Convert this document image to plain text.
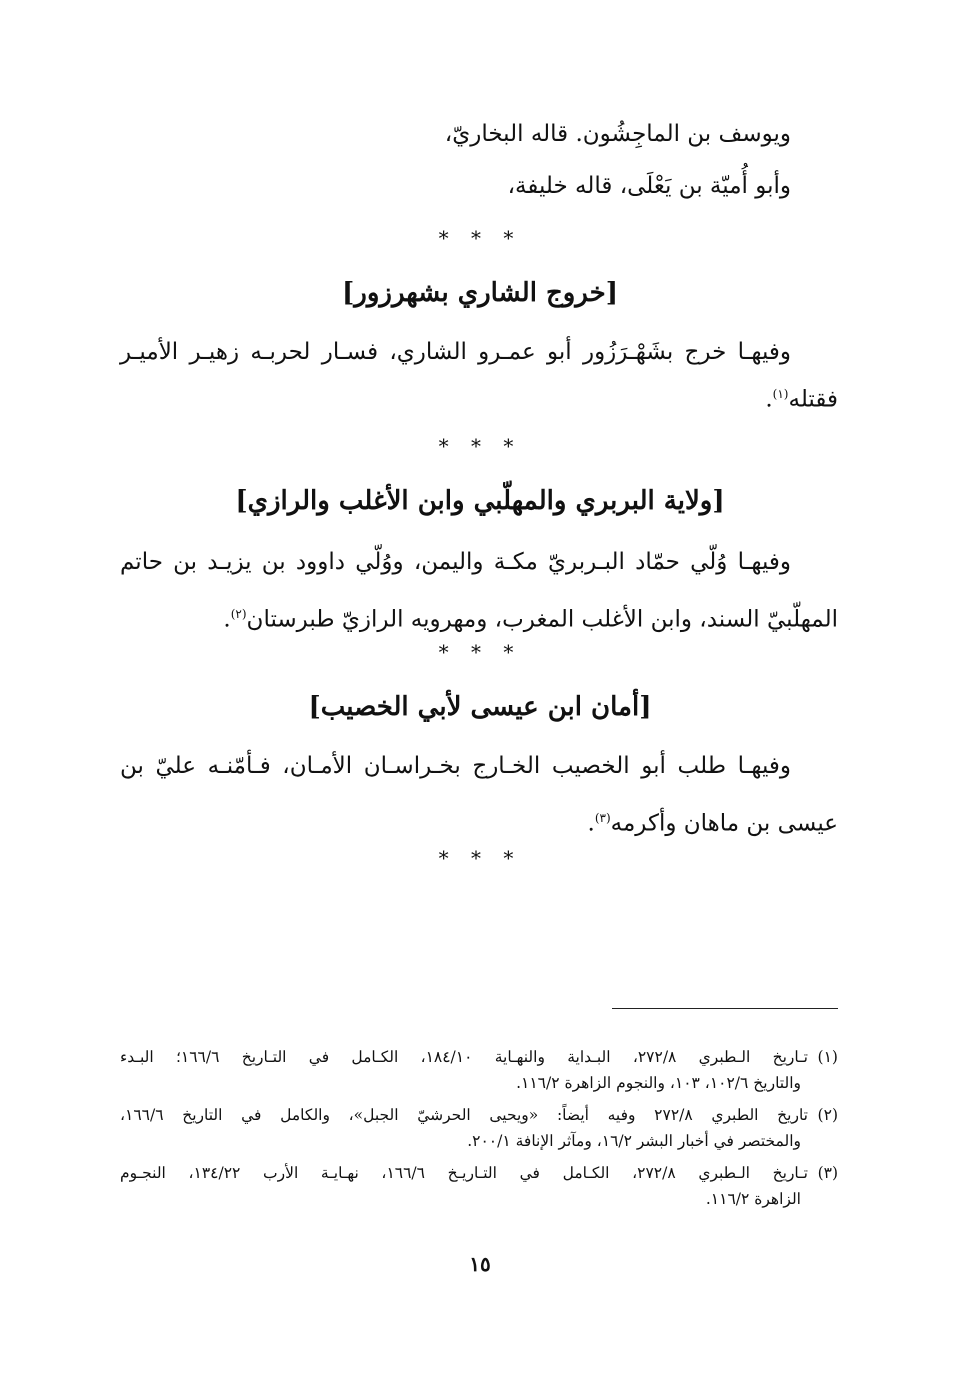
ويوسف بن الماجِشُون. قاله البخاريّ،

وأبو أُميّة بن يَعْلَى، قاله خليفة،

* * *

[خروج الشاري بشهرزور]

وفيهـا خرج بشَهْـرَزُور أبو عمـرو الشاري، فسـار لحربـه زهيـر الأميـر

فقتله$^{(١)}$.

* * *

[ولاية البربري والمهلّبي وابن الأغلب والرازي]

وفيهـا وُلّي حمّاد البـربريّ مكـة واليمن، ووُلّي داوود بن يزيـد بن حاتم

المهلّبيّ السند، وابن الأغلب المغرب، ومهرويه الرازيّ طبرستان$^{(٢)}$.

* * *

[أمان ابن عيسى لأبي الخصيب]

وفيهـا طلب أبو الخصيب الخـارج بخـراسـان الأمـان، فـأمّنـه عليّ بن

عيسى بن ماهان وأكرمه$^{(٣)}$.

* * *

(١)تـاريخ الـطبري ٢٧٢/٨، البـداية والنهـاية ١٨٤/١٠، الكـامل في التـاريخ ١٦٦/٦؛ البـدء

والتاريخ ١٠٢/٦، ١٠٣، والنجوم الزاهرة ١١٦/٢.

(٢)تاريخ الطبري ٢٧٢/٨ وفيه أيضاً: «ويحيى الحرشيّ الجبل»، والكامل في التاريخ ١٦٦/٦،

والمختصر في أخبار البشر ١٦/٢، ومآثر الإنافة ٢٠٠/١.

(٣)تـاريخ الـطبري ٢٧٢/٨، الكـامل في التـاريـخ ١٦٦/٦، نهـايـة الأرب ١٣٤/٢٢، النجـوم

الزاهرة ١١٦/٢.

١٥
